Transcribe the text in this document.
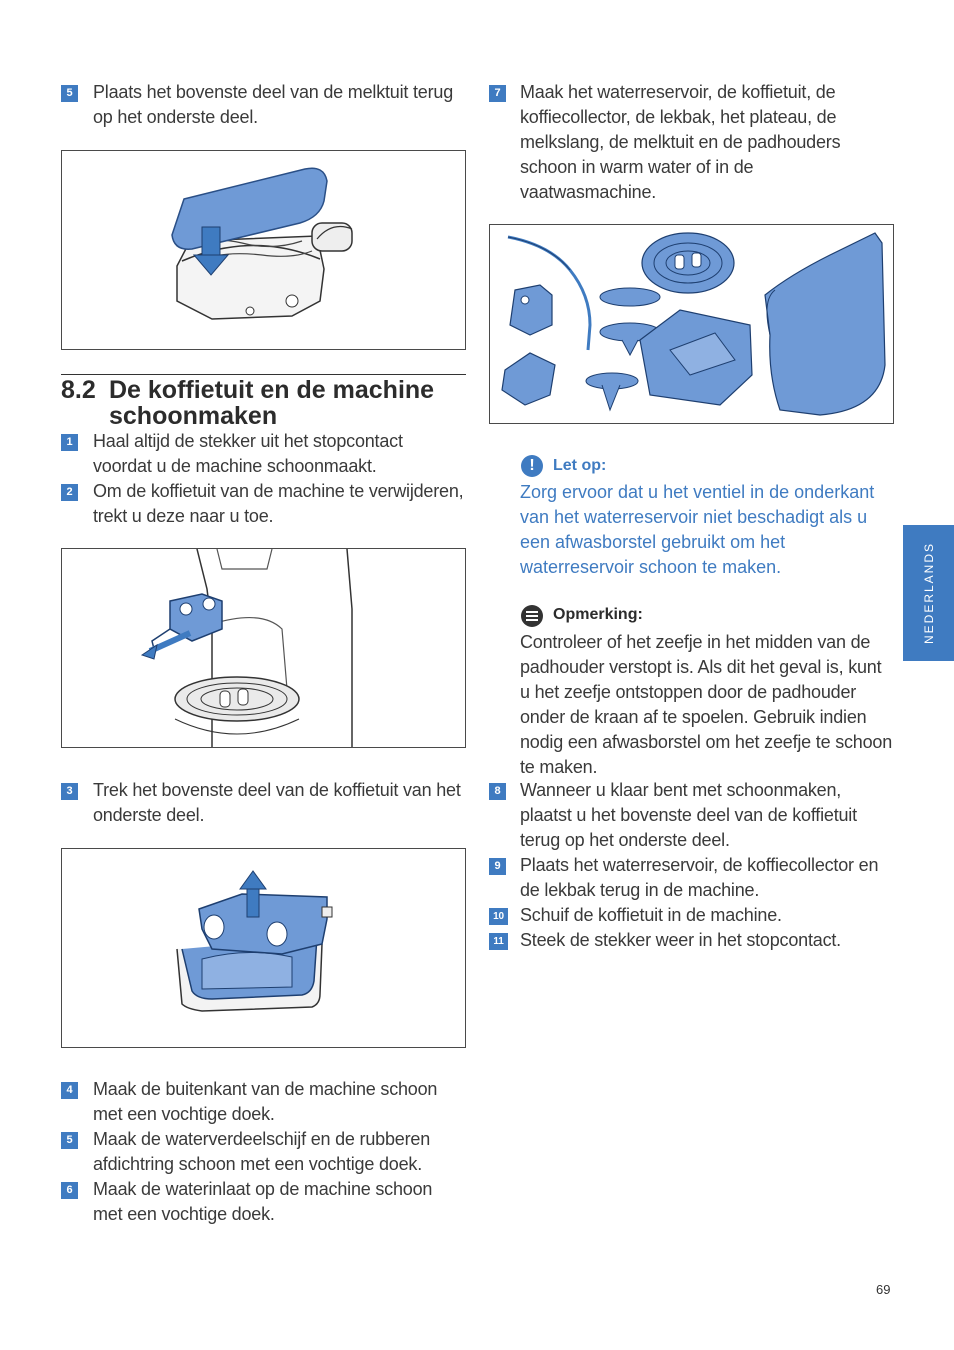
5	Plaats het bovenste deel van de melktuit terug op het onderste deel.
8.2 De koffietuit en de machine schoonmaken
1	Haal altijd de stekker uit het stopcontact voordat u de machine schoonmaakt.
2	Om de koffietuit van de machine te verwijderen, trekt u deze naar u toe.
3	Trek het bovenste deel van de koffietuit van het onderste deel.
4	Maak de buitenkant van de machine schoon met een vochtige doek.
5	Maak de waterverdeelschijf en de rubberen afdichtring schoon met een vochtige doek.
6	Maak de waterinlaat op de machine schoon met een vochtige doek.
7	Maak het waterreservoir, de koffietuit, de koffiecollector, de lekbak, het plateau, de melkslang, de melktuit en de padhouders schoon in warm water of in de vaatwasmachine.
!	Let op:
Zorg ervoor dat u het ventiel in de onderkant van het waterreservoir niet beschadigt als u een afwasborstel gebruikt om het waterreservoir schoon te maken.
Opmerking:
Controleer of het zeefje in het midden van de padhouder verstopt is. Als dit het geval is, kunt u het zeefje ontstoppen door de padhouder onder de kraan af te spoelen. Gebruik indien nodig een afwasborstel om het zeefje te schoon te maken.
8	Wanneer u klaar bent met schoonmaken, plaatst u het bovenste deel van de koffietuit terug op het onderste deel.
9	Plaats het waterreservoir, de koffiecollector en de lekbak terug in de machine.
10 Schuif de koffietuit in de machine.
11 Steek de stekker weer in het stopcontact.
NEDERLANDS
69
